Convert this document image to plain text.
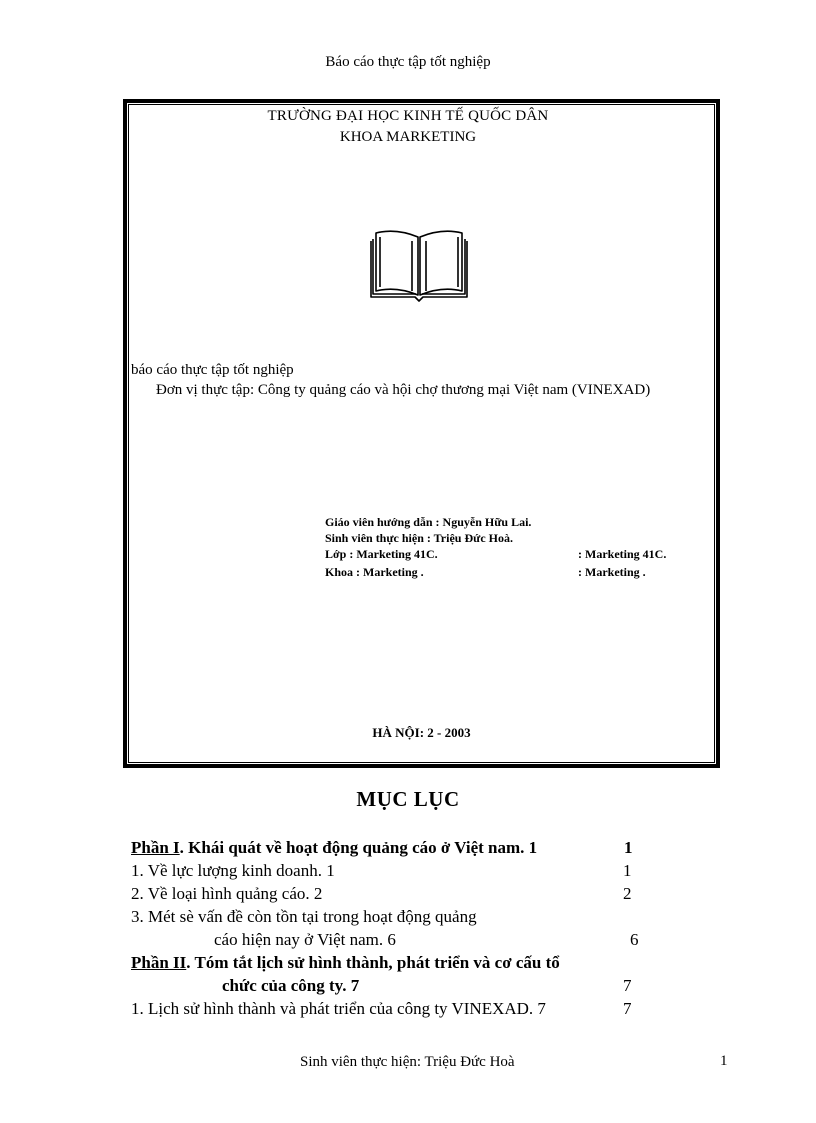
Báo cáo thực tập tốt nghiệp
TRƯỜNG ĐẠI HỌC KINH TẾ QUỐC DÂN
KHOA MARKETING
báo cáo thực tập tốt nghiệp
Đơn vị thực tập: Công ty quảng cáo và hội chợ thương mại Việt nam (VINEXAD)
Giáo viên hướng dẫn : Nguyễn Hữu Lai.
Sinh viên thực hiện : Triệu Đức Hoà.
Lớp : Marketing 41C.	: Marketing 41C.
Khoa : Marketing .	: Marketing .
HÀ NỘI: 2 - 2003
MỤC LỤC
Phần I. Khái quát về hoạt động quảng cáo ở Việt nam. 1	1
1. Về lực lượng kinh doanh. 1	1
2. Về loại hình quảng cáo. 2	2
3. Mét sè vấn đề còn tồn tại trong hoạt động quảng
cáo hiện nay ở Việt nam. 6	6
Phần II. Tóm tắt lịch sử hình thành, phát triển và cơ cấu tổ
chức của công ty. 7	7
1. Lịch sử hình thành và phát triển của công ty VINEXAD. 7	7
Sinh viên thực hiện: Triệu Đức Hoà	1
